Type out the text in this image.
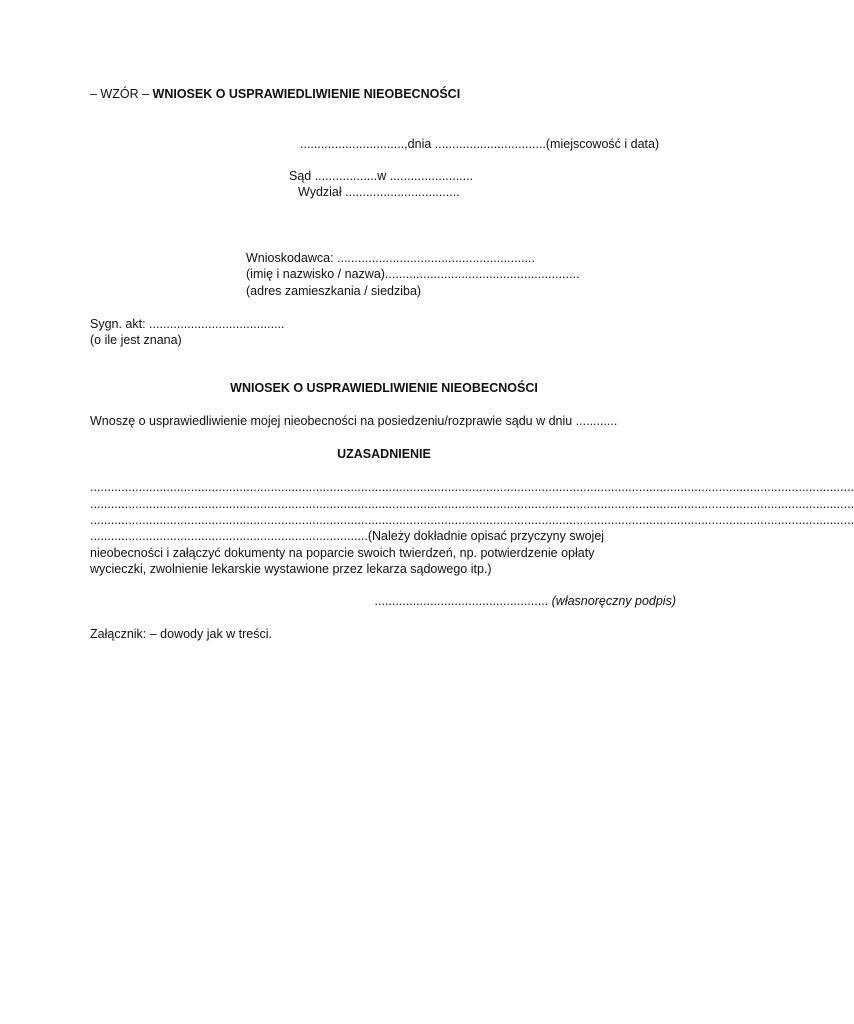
– WZÓR – WNIOSEK O USPRAWIEDLIWIENIE NIEOBECNOŚCI
..............................,dnia ................................(miejscowość i data)
Sąd ..................w ........................
Wydział .................................
Wnioskodawca: .........................................................
(imię i nazwisko / nazwa)........................................................
(adres zamieszkania / siedziba)
Sygn. akt: .......................................
(o ile jest znana)
WNIOSEK O USPRAWIEDLIWIENIE NIEOBECNOŚCI
Wnoszę o usprawiedliwienie mojej nieobecności na posiedzeniu/rozprawie sądu w dniu ............
UZASADNIENIE
............................................................................................................................................................................................................................
............................................................................................................................................................................................................................
............................................................................................................................................................................................................................
................................................................................(Należy dokładnie opisać przyczyny swojej
nieobecności i załączyć dokumenty na poparcie swoich twierdzeń, np. potwierdzenie opłaty
wycieczki, zwolnienie lekarskie wystawione przez lekarza sądowego itp.)
.................................................. (własnoręczny podpis)
Załącznik: – dowody jak w treści.
